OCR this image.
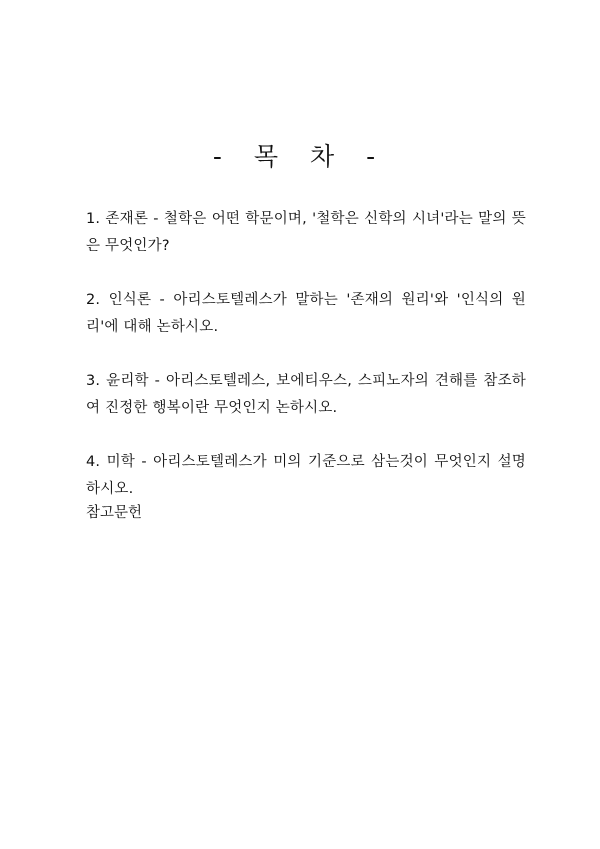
- 목 차 -
1. 존재론 - 철학은 어떤 학문이며, '철학은 신학의 시녀'라는 말의 뜻은 무엇인가?
2. 인식론 - 아리스토텔레스가 말하는 '존재의 원리'와 '인식의 원리'에 대해 논하시오.
3. 윤리학 - 아리스토텔레스, 보에티우스, 스피노자의 견해를 참조하여 진정한 행복이란 무엇인지 논하시오.
4. 미학 - 아리스토텔레스가 미의 기준으로 삼는것이 무엇인지 설명하시오.

참고문헌
